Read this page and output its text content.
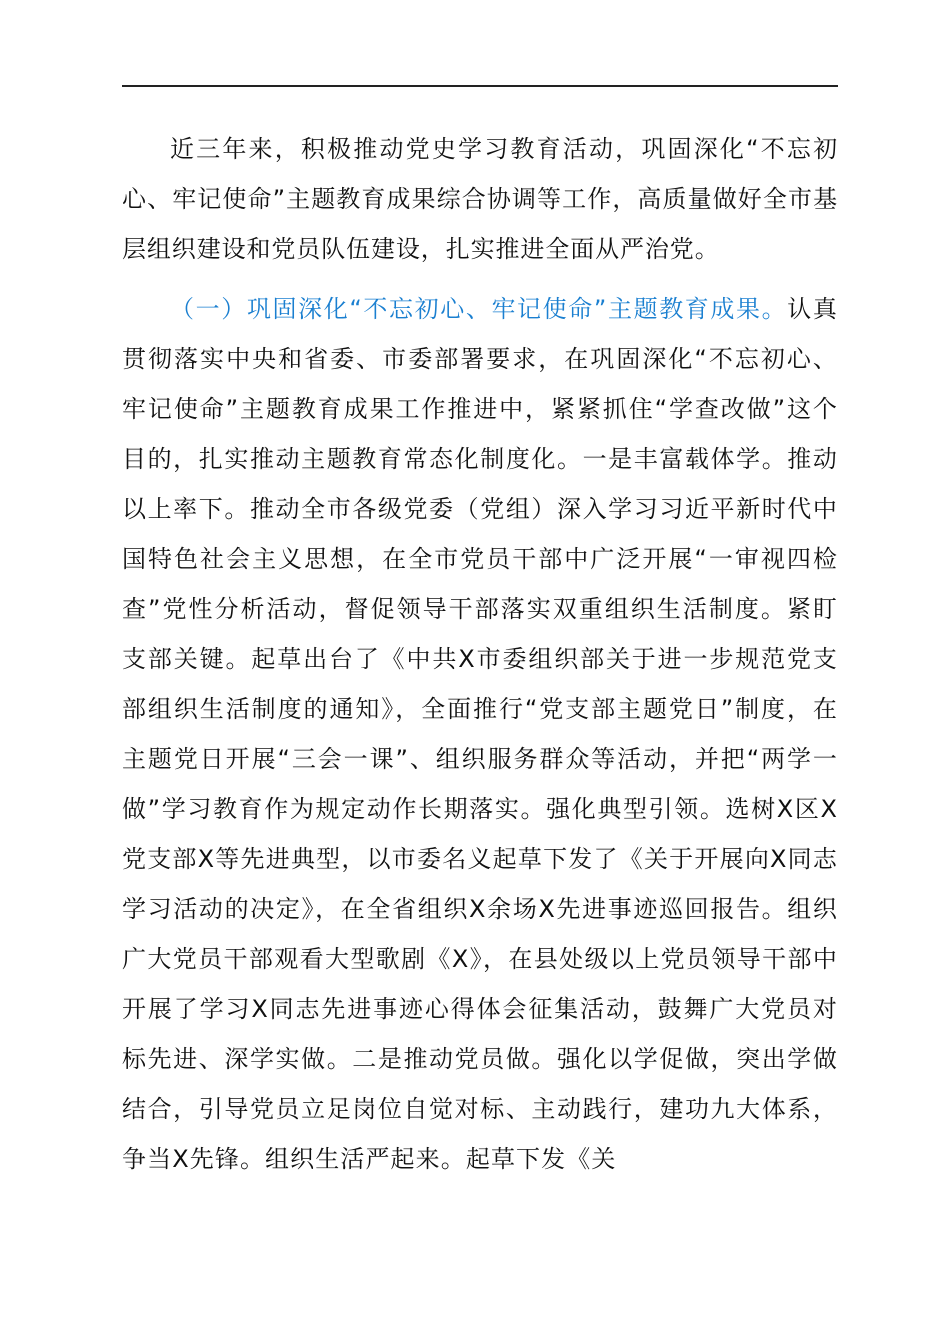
近三年来，积极推动党史学习教育活动，巩固深化“不忘初心、牢记使命”主题教育成果综合协调等工作，高质量做好全市基层组织建设和党员队伍建设，扎实推进全面从严治党。

（一）巩固深化“不忘初心、牢记使命”主题教育成果。认真贯彻落实中央和省委、市委部署要求，在巩固深化“不忘初心、牢记使命”主题教育成果工作推进中，紧紧抓住“学查改做”这个目的，扎实推动主题教育常态化制度化。一是丰富载体学。推动以上率下。推动全市各级党委（党组）深入学习习近平新时代中国特色社会主义思想，在全市党员干部中广泛开展“一审视四检查”党性分析活动，督促领导干部落实双重组织生活制度。紧盯支部关键。起草出台了《中共X市委组织部关于进一步规范党支部组织生活制度的通知》，全面推行“党支部主题党日”制度，在主题党日开展“三会一课”、组织服务群众等活动，并把“两学一做”学习教育作为规定动作长期落实。强化典型引领。选树X区X党支部X等先进典型，以市委名义起草下发了《关于开展向X同志学习活动的决定》，在全省组织X余场X先进事迹巡回报告。组织广大党员干部观看大型歌剧《X》，在县处级以上党员领导干部中开展了学习X同志先进事迹心得体会征集活动，鼓舞广大党员对标先进、深学实做。二是推动党员做。强化以学促做，突出学做结合，引导党员立足岗位自觉对标、主动践行，建功九大体系，争当X先锋。组织生活严起来。起草下发《关
